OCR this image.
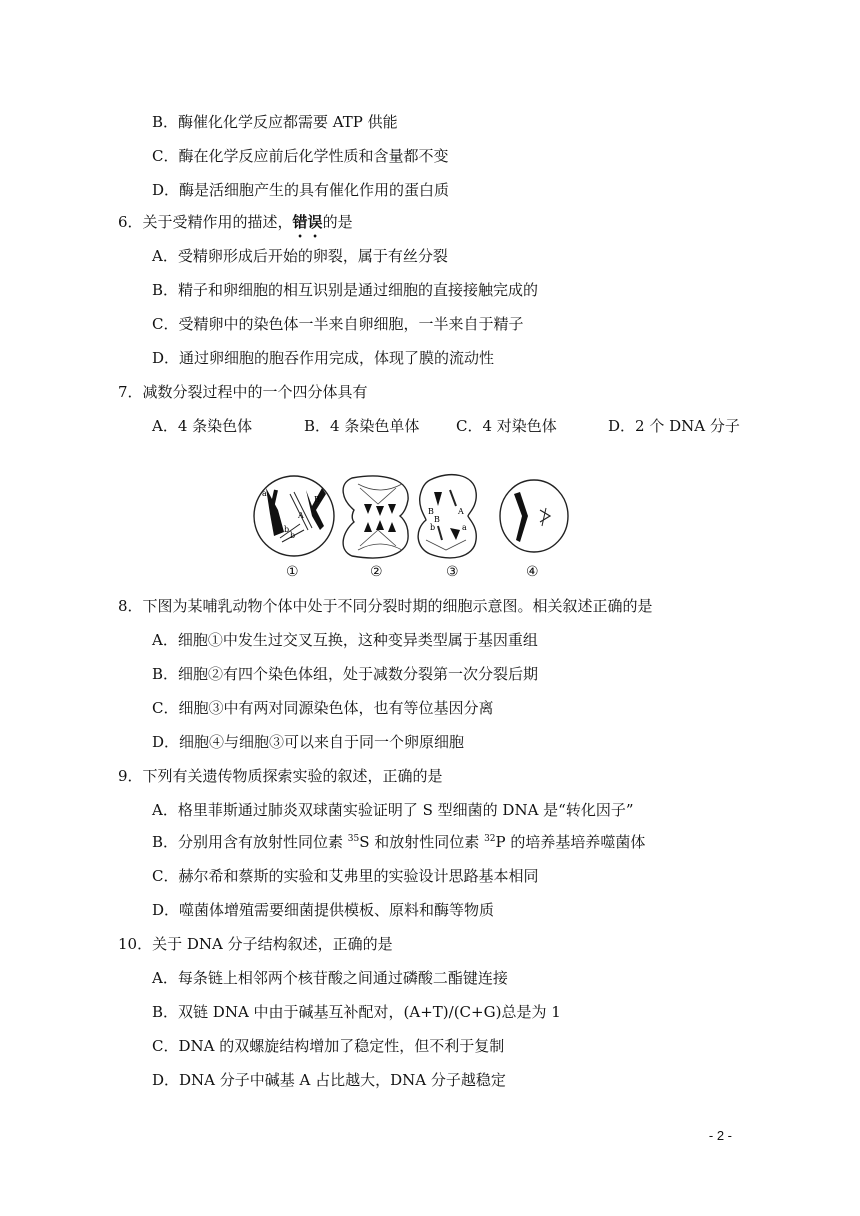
B．酶催化化学反应都需要 ATP 供能
C．酶在化学反应前后化学性质和含量都不变
D．酶是活细胞产生的具有催化作用的蛋白质
6．关于受精作用的描述，错误的是
A．受精卵形成后开始的卵裂，属于有丝分裂
B．精子和卵细胞的相互识别是通过细胞的直接接触完成的
C．受精卵中的染色体一半来自卵细胞，一半来自于精子
D．通过卵细胞的胞吞作用完成，体现了膜的流动性
7．减数分裂过程中的一个四分体具有
A．4 条染色体	B．4 条染色单体 C．4 对染色体	D．2 个 DNA 分子
a
B
A
b
b
B	A
b
B
a
①	②	③	④
8．下图为某哺乳动物个体中处于不同分裂时期的细胞示意图。相关叙述正确的是
A．细胞①中发生过交叉互换，这种变异类型属于基因重组
B．细胞②有四个染色体组，处于减数分裂第一次分裂后期
C．细胞③中有两对同源染色体，也有等位基因分离
D．细胞④与细胞③可以来自于同一个卵原细胞
9．下列有关遗传物质探索实验的叙述，正确的是
A．格里菲斯通过肺炎双球菌实验证明了 S 型细菌的 DNA 是“转化因子”
B．分别用含有放射性同位素 $^{35}$S 和放射性同位素 $^{32}$P 的培养基培养噬菌体
C．赫尔希和蔡斯的实验和艾弗里的实验设计思路基本相同
D．噬菌体增殖需要细菌提供模板、原料和酶等物质
10．关于 DNA 分子结构叙述，正确的是
A．每条链上相邻两个核苷酸之间通过磷酸二酯键连接
B．双链 DNA 中由于碱基互补配对，(A+T)/(C+G)总是为 1
C．DNA 的双螺旋结构增加了稳定性，但不利于复制
D．DNA 分子中碱基 A 占比越大，DNA 分子越稳定
- 2 -
